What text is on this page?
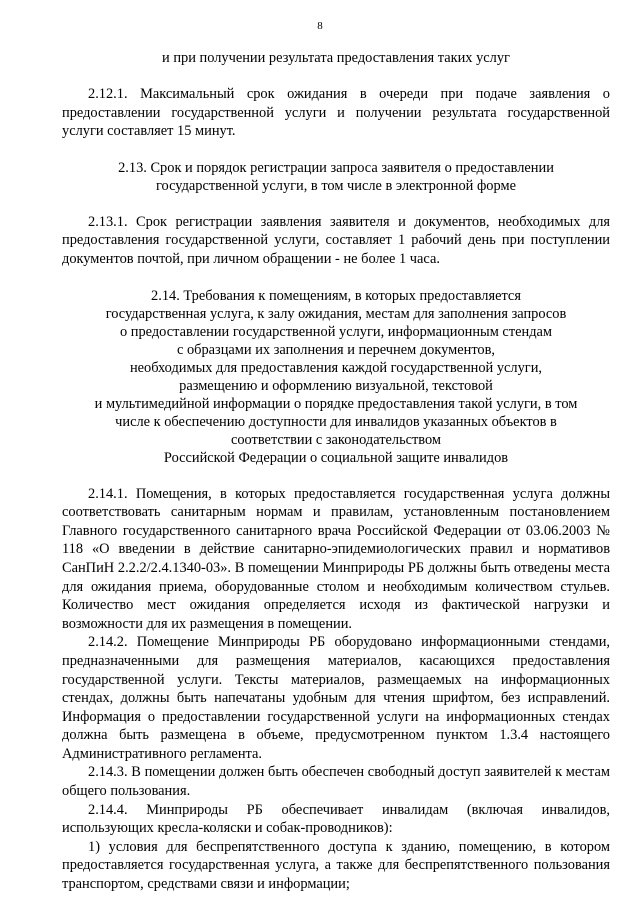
8

и при получении результата предоставления таких услуг

2.12.1. Максимальный срок ожидания в очереди при подаче заявления о предоставлении государственной услуги и получении результата государственной услуги составляет 15 минут.

2.13. Срок и порядок регистрации запроса заявителя о предоставлении

государственной услуги, в том числе в электронной форме

2.13.1. Срок регистрации заявления заявителя и документов, необходимых для предоставления государственной услуги, составляет 1 рабочий день при поступлении документов почтой, при личном обращении - не более 1 часа.

2.14. Требования к помещениям, в которых предоставляется

государственная услуга, к залу ожидания, местам для заполнения запросов

о предоставлении государственной услуги, информационным стендам

с образцами их заполнения и перечнем документов,

необходимых для предоставления каждой государственной услуги,

размещению и оформлению визуальной, текстовой

и мультимедийной информации о порядке предоставления такой услуги, в том

числе к обеспечению доступности для инвалидов указанных объектов в

соответствии с законодательством

Российской Федерации о социальной защите инвалидов

2.14.1. Помещения, в которых предоставляется государственная услуга должны соответствовать санитарным нормам и правилам, установленным постановлением Главного государственного санитарного врача Российской Федерации от 03.06.2003 № 118 «О введении в действие санитарно-эпидемиологических правил и нормативов СанПиН 2.2.2/2.4.1340-03». В помещении Минприроды РБ должны быть отведены места для ожидания приема, оборудованные столом и необходимым количеством стульев. Количество мест ожидания определяется исходя из фактической нагрузки и возможности для их размещения в помещении.

2.14.2. Помещение Минприроды РБ оборудовано информационными стендами, предназначенными для размещения материалов, касающихся предоставления государственной услуги. Тексты материалов, размещаемых на информационных стендах, должны быть напечатаны удобным для чтения шрифтом, без исправлений. Информация о предоставлении государственной услуги на информационных стендах должна быть размещена в объеме, предусмотренном пунктом 1.3.4 настоящего Административного регламента.

2.14.3. В помещении должен быть обеспечен свободный доступ заявителей к местам общего пользования.

2.14.4. Минприроды РБ обеспечивает инвалидам (включая инвалидов, использующих кресла-коляски и собак-проводников):

1) условия для беспрепятственного доступа к зданию, помещению, в котором предоставляется государственная услуга, а также для беспрепятственного пользования транспортом, средствами связи и информации;
